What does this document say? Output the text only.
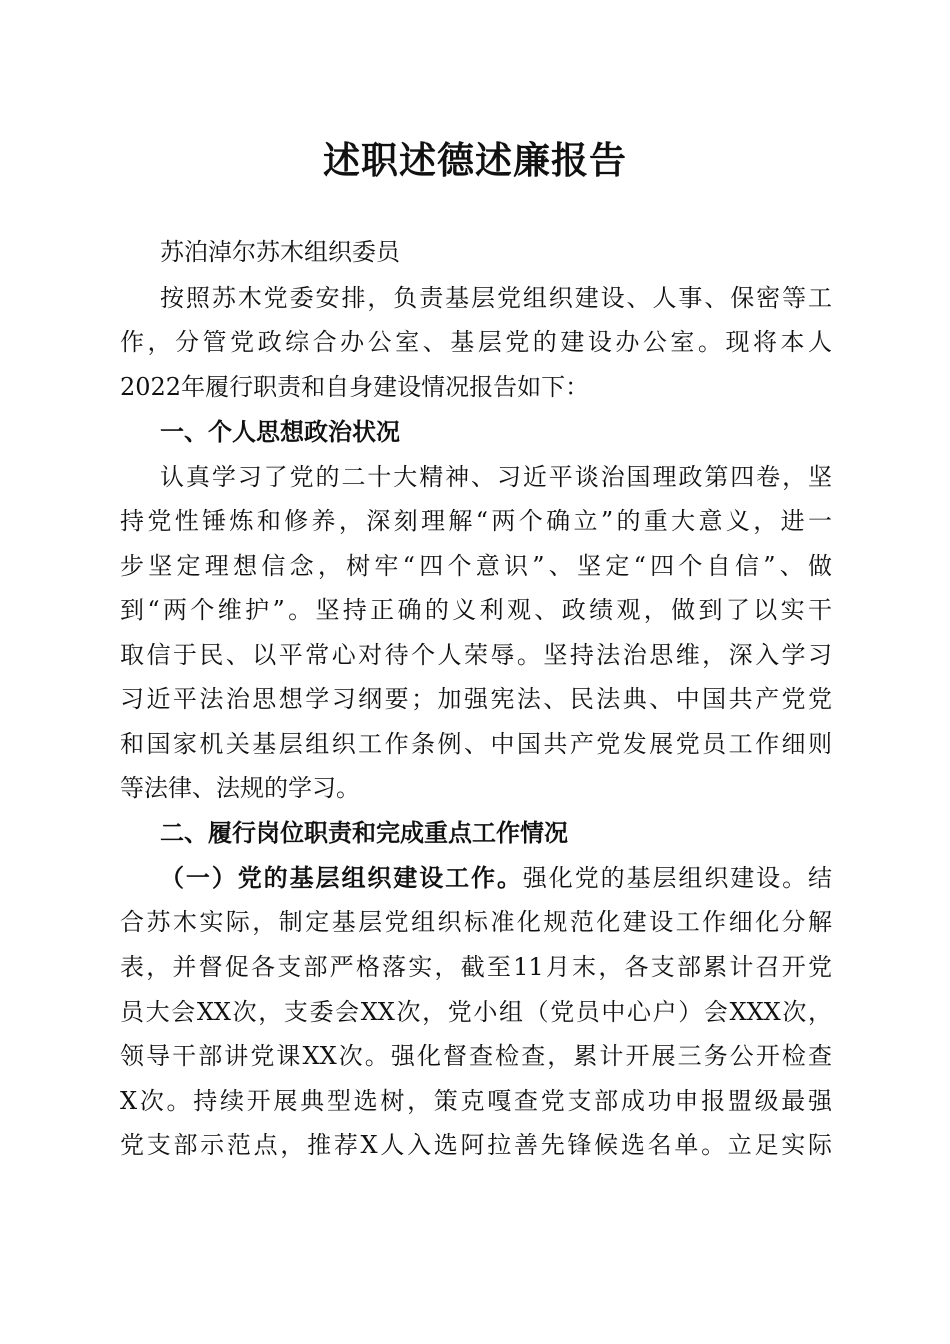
述职述德述廉报告
苏泊淖尔苏木组织委员
按照苏木党委安排，负责基层党组织建设、人事、保密等工
作，分管党政综合办公室、基层党的建设办公室。现将本人
2022年履行职责和自身建设情况报告如下：
一、个人思想政治状况
认真学习了党的二十大精神、习近平谈治国理政第四卷，坚
持党性锤炼和修养，深刻理解“两个确立”的重大意义，进一
步坚定理想信念，树牢“四个意识”、坚定“四个自信”、做
到“两个维护”。坚持正确的义利观、政绩观，做到了以实干
取信于民、以平常心对待个人荣辱。坚持法治思维，深入学习
习近平法治思想学习纲要；加强宪法、民法典、中国共产党党
和国家机关基层组织工作条例、中国共产党发展党员工作细则
等法律、法规的学习。
二、履行岗位职责和完成重点工作情况
（一）党的基层组织建设工作。强化党的基层组织建设。结
合苏木实际，制定基层党组织标准化规范化建设工作细化分解
表，并督促各支部严格落实，截至11月末，各支部累计召开党
员大会XX次，支委会XX次，党小组（党员中心户）会XXX次，
领导干部讲党课XX次。强化督查检查，累计开展三务公开检查
X次。持续开展典型选树，策克嘎查党支部成功申报盟级最强
党支部示范点，推荐X人入选阿拉善先锋候选名单。立足实际
